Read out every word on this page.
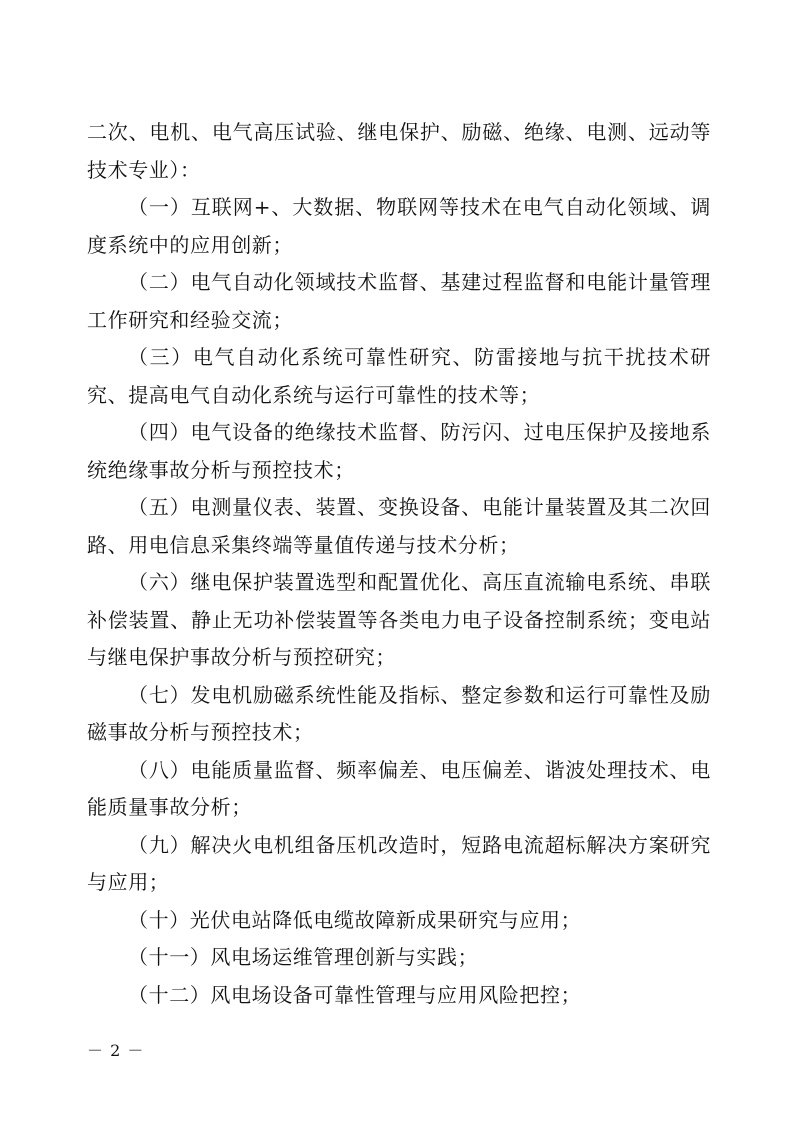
二次、电机、电气高压试验、继电保护、励磁、绝缘、电测、远动等技术专业）：

（一）互联网+、大数据、物联网等技术在电气自动化领域、调度系统中的应用创新；

（二）电气自动化领域技术监督、基建过程监督和电能计量管理工作研究和经验交流；

（三）电气自动化系统可靠性研究、防雷接地与抗干扰技术研究、提高电气自动化系统与运行可靠性的技术等；

（四）电气设备的绝缘技术监督、防污闪、过电压保护及接地系统绝缘事故分析与预控技术；

（五）电测量仪表、装置、变换设备、电能计量装置及其二次回路、用电信息采集终端等量值传递与技术分析；

（六）继电保护装置选型和配置优化、高压直流输电系统、串联补偿装置、静止无功补偿装置等各类电力电子设备控制系统；变电站与继电保护事故分析与预控研究；

（七）发电机励磁系统性能及指标、整定参数和运行可靠性及励磁事故分析与预控技术；

（八）电能质量监督、频率偏差、电压偏差、谐波处理技术、电能质量事故分析；

（九）解决火电机组备压机改造时，短路电流超标解决方案研究与应用；

（十）光伏电站降低电缆故障新成果研究与应用；

（十一）风电场运维管理创新与实践；

（十二）风电场设备可靠性管理与应用风险把控；

－ 2 －
